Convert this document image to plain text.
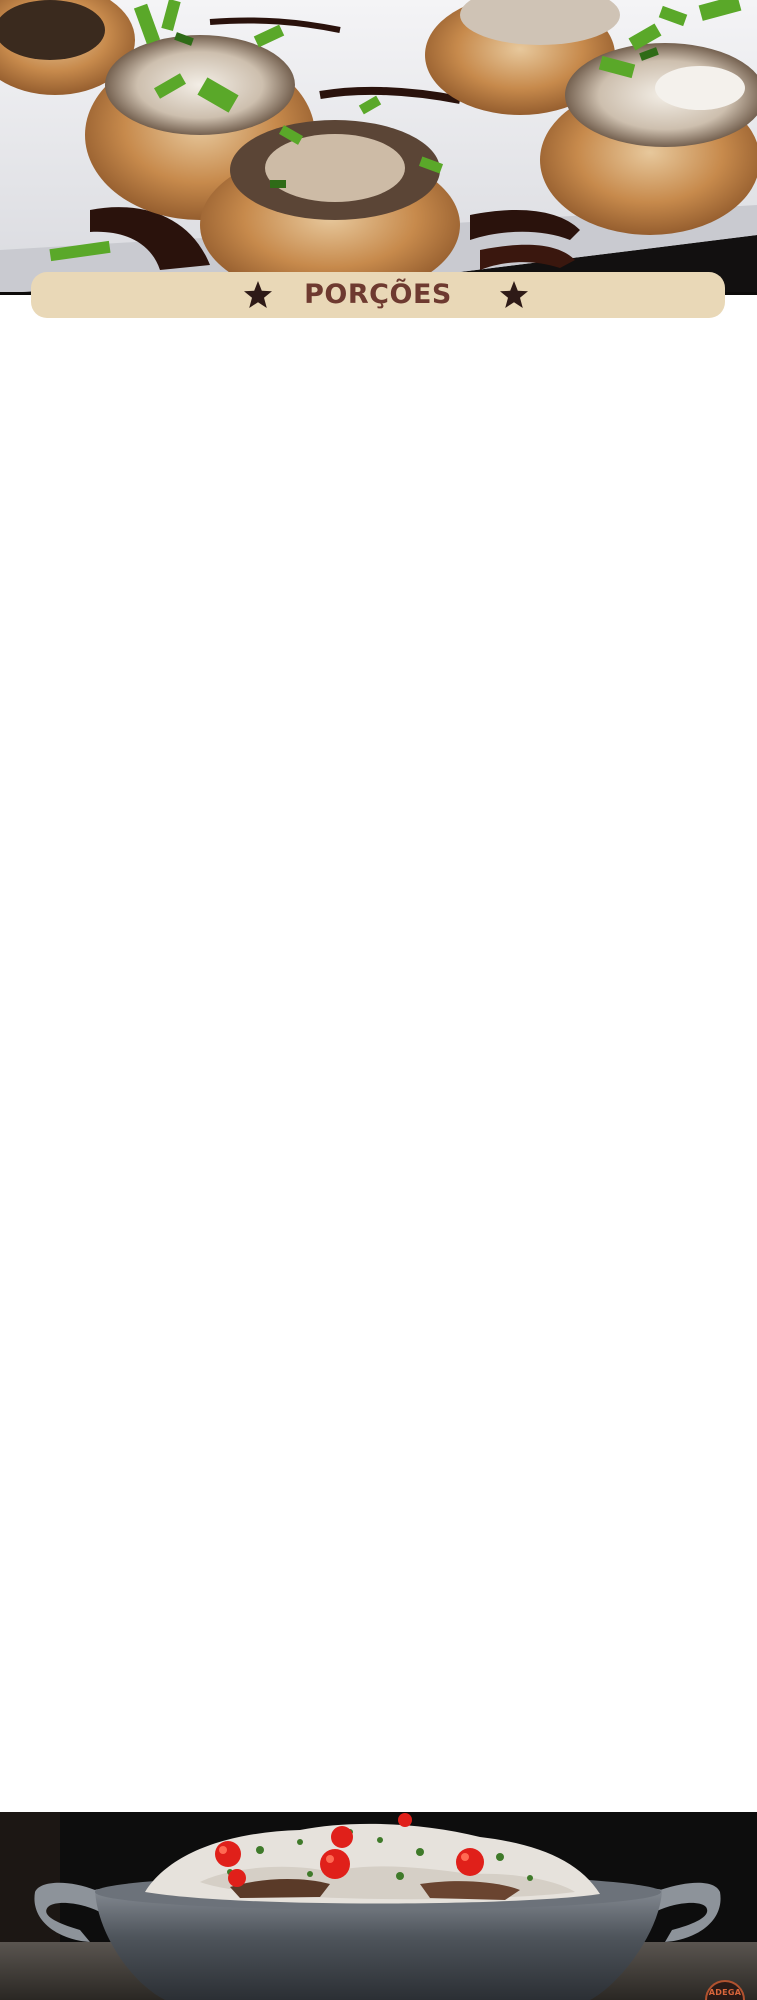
PORÇÕES
ADEGA
